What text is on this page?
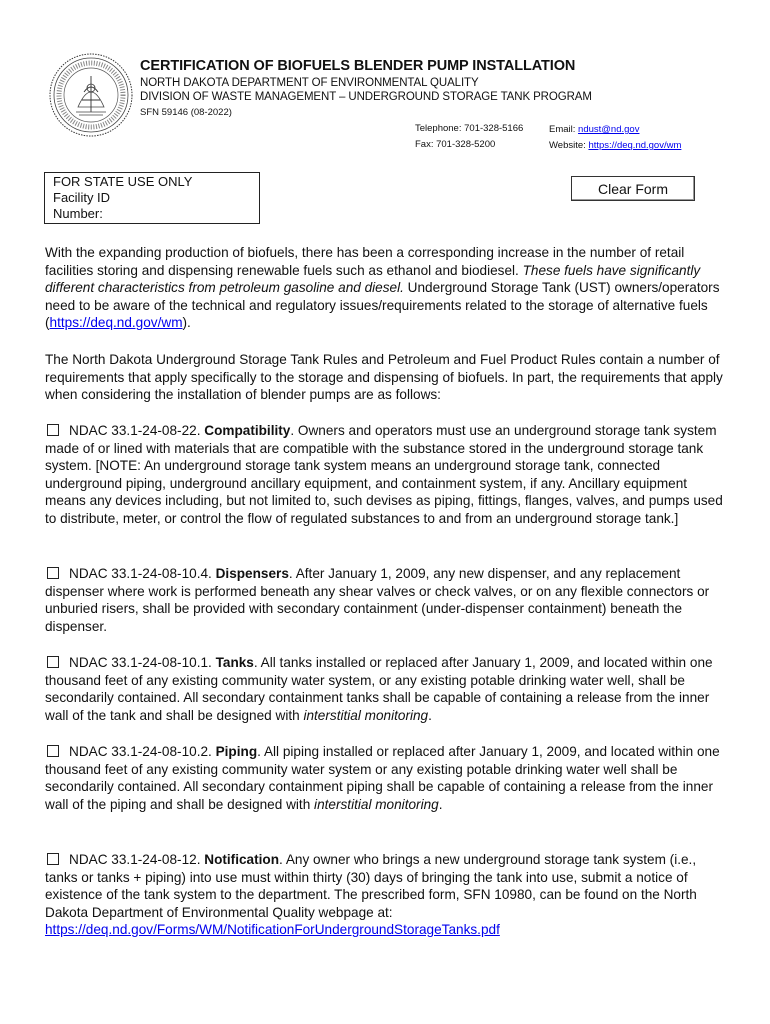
CERTIFICATION OF BIOFUELS BLENDER PUMP INSTALLATION
NORTH DAKOTA DEPARTMENT OF ENVIRONMENTAL QUALITY
DIVISION OF WASTE MANAGEMENT – UNDERGROUND STORAGE TANK PROGRAM
SFN 59146 (08-2022)
Telephone: 701-328-5166
Fax: 701-328-5200
Email: ndust@nd.gov
Website: https://deq.nd.gov/wm
FOR STATE USE ONLY
Facility ID
Number:
Clear Form

With the expanding production of biofuels, there has been a corresponding increase in the number of retail facilities storing and dispensing renewable fuels such as ethanol and biodiesel. These fuels have significantly different characteristics from petroleum gasoline and diesel. Underground Storage Tank (UST) owners/operators need to be aware of the technical and regulatory issues/requirements related to the storage of alternative fuels (https://deq.nd.gov/wm).

The North Dakota Underground Storage Tank Rules and Petroleum and Fuel Product Rules contain a number of requirements that apply specifically to the storage and dispensing of biofuels. In part, the requirements that apply when considering the installation of blender pumps are as follows:

NDAC 33.1-24-08-22. Compatibility. Owners and operators must use an underground storage tank system made of or lined with materials that are compatible with the substance stored in the underground storage tank system. [NOTE: An underground storage tank system means an underground storage tank, connected underground piping, underground ancillary equipment, and containment system, if any. Ancillary equipment means any devices including, but not limited to, such devises as piping, fittings, flanges, valves, and pumps used to distribute, meter, or control the flow of regulated substances to and from an underground storage tank.]

NDAC 33.1-24-08-10.4. Dispensers. After January 1, 2009, any new dispenser, and any replacement dispenser where work is performed beneath any shear valves or check valves, or on any flexible connectors or unburied risers, shall be provided with secondary containment (under-dispenser containment) beneath the dispenser.

NDAC 33.1-24-08-10.1. Tanks. All tanks installed or replaced after January 1, 2009, and located within one thousand feet of any existing community water system, or any existing potable drinking water well, shall be secondarily contained. All secondary containment tanks shall be capable of containing a release from the inner wall of the tank and shall be designed with interstitial monitoring.

NDAC 33.1-24-08-10.2. Piping. All piping installed or replaced after January 1, 2009, and located within one thousand feet of any existing community water system or any existing potable drinking water well shall be secondarily contained. All secondary containment piping shall be capable of containing a release from the inner wall of the piping and shall be designed with interstitial monitoring.

NDAC 33.1-24-08-12. Notification. Any owner who brings a new underground storage tank system (i.e., tanks or tanks + piping) into use must within thirty (30) days of bringing the tank into use, submit a notice of existence of the tank system to the department. The prescribed form, SFN 10980, can be found on the North Dakota Department of Environmental Quality webpage at: https://deq.nd.gov/Forms/WM/NotificationForUndergroundStorageTanks.pdf
